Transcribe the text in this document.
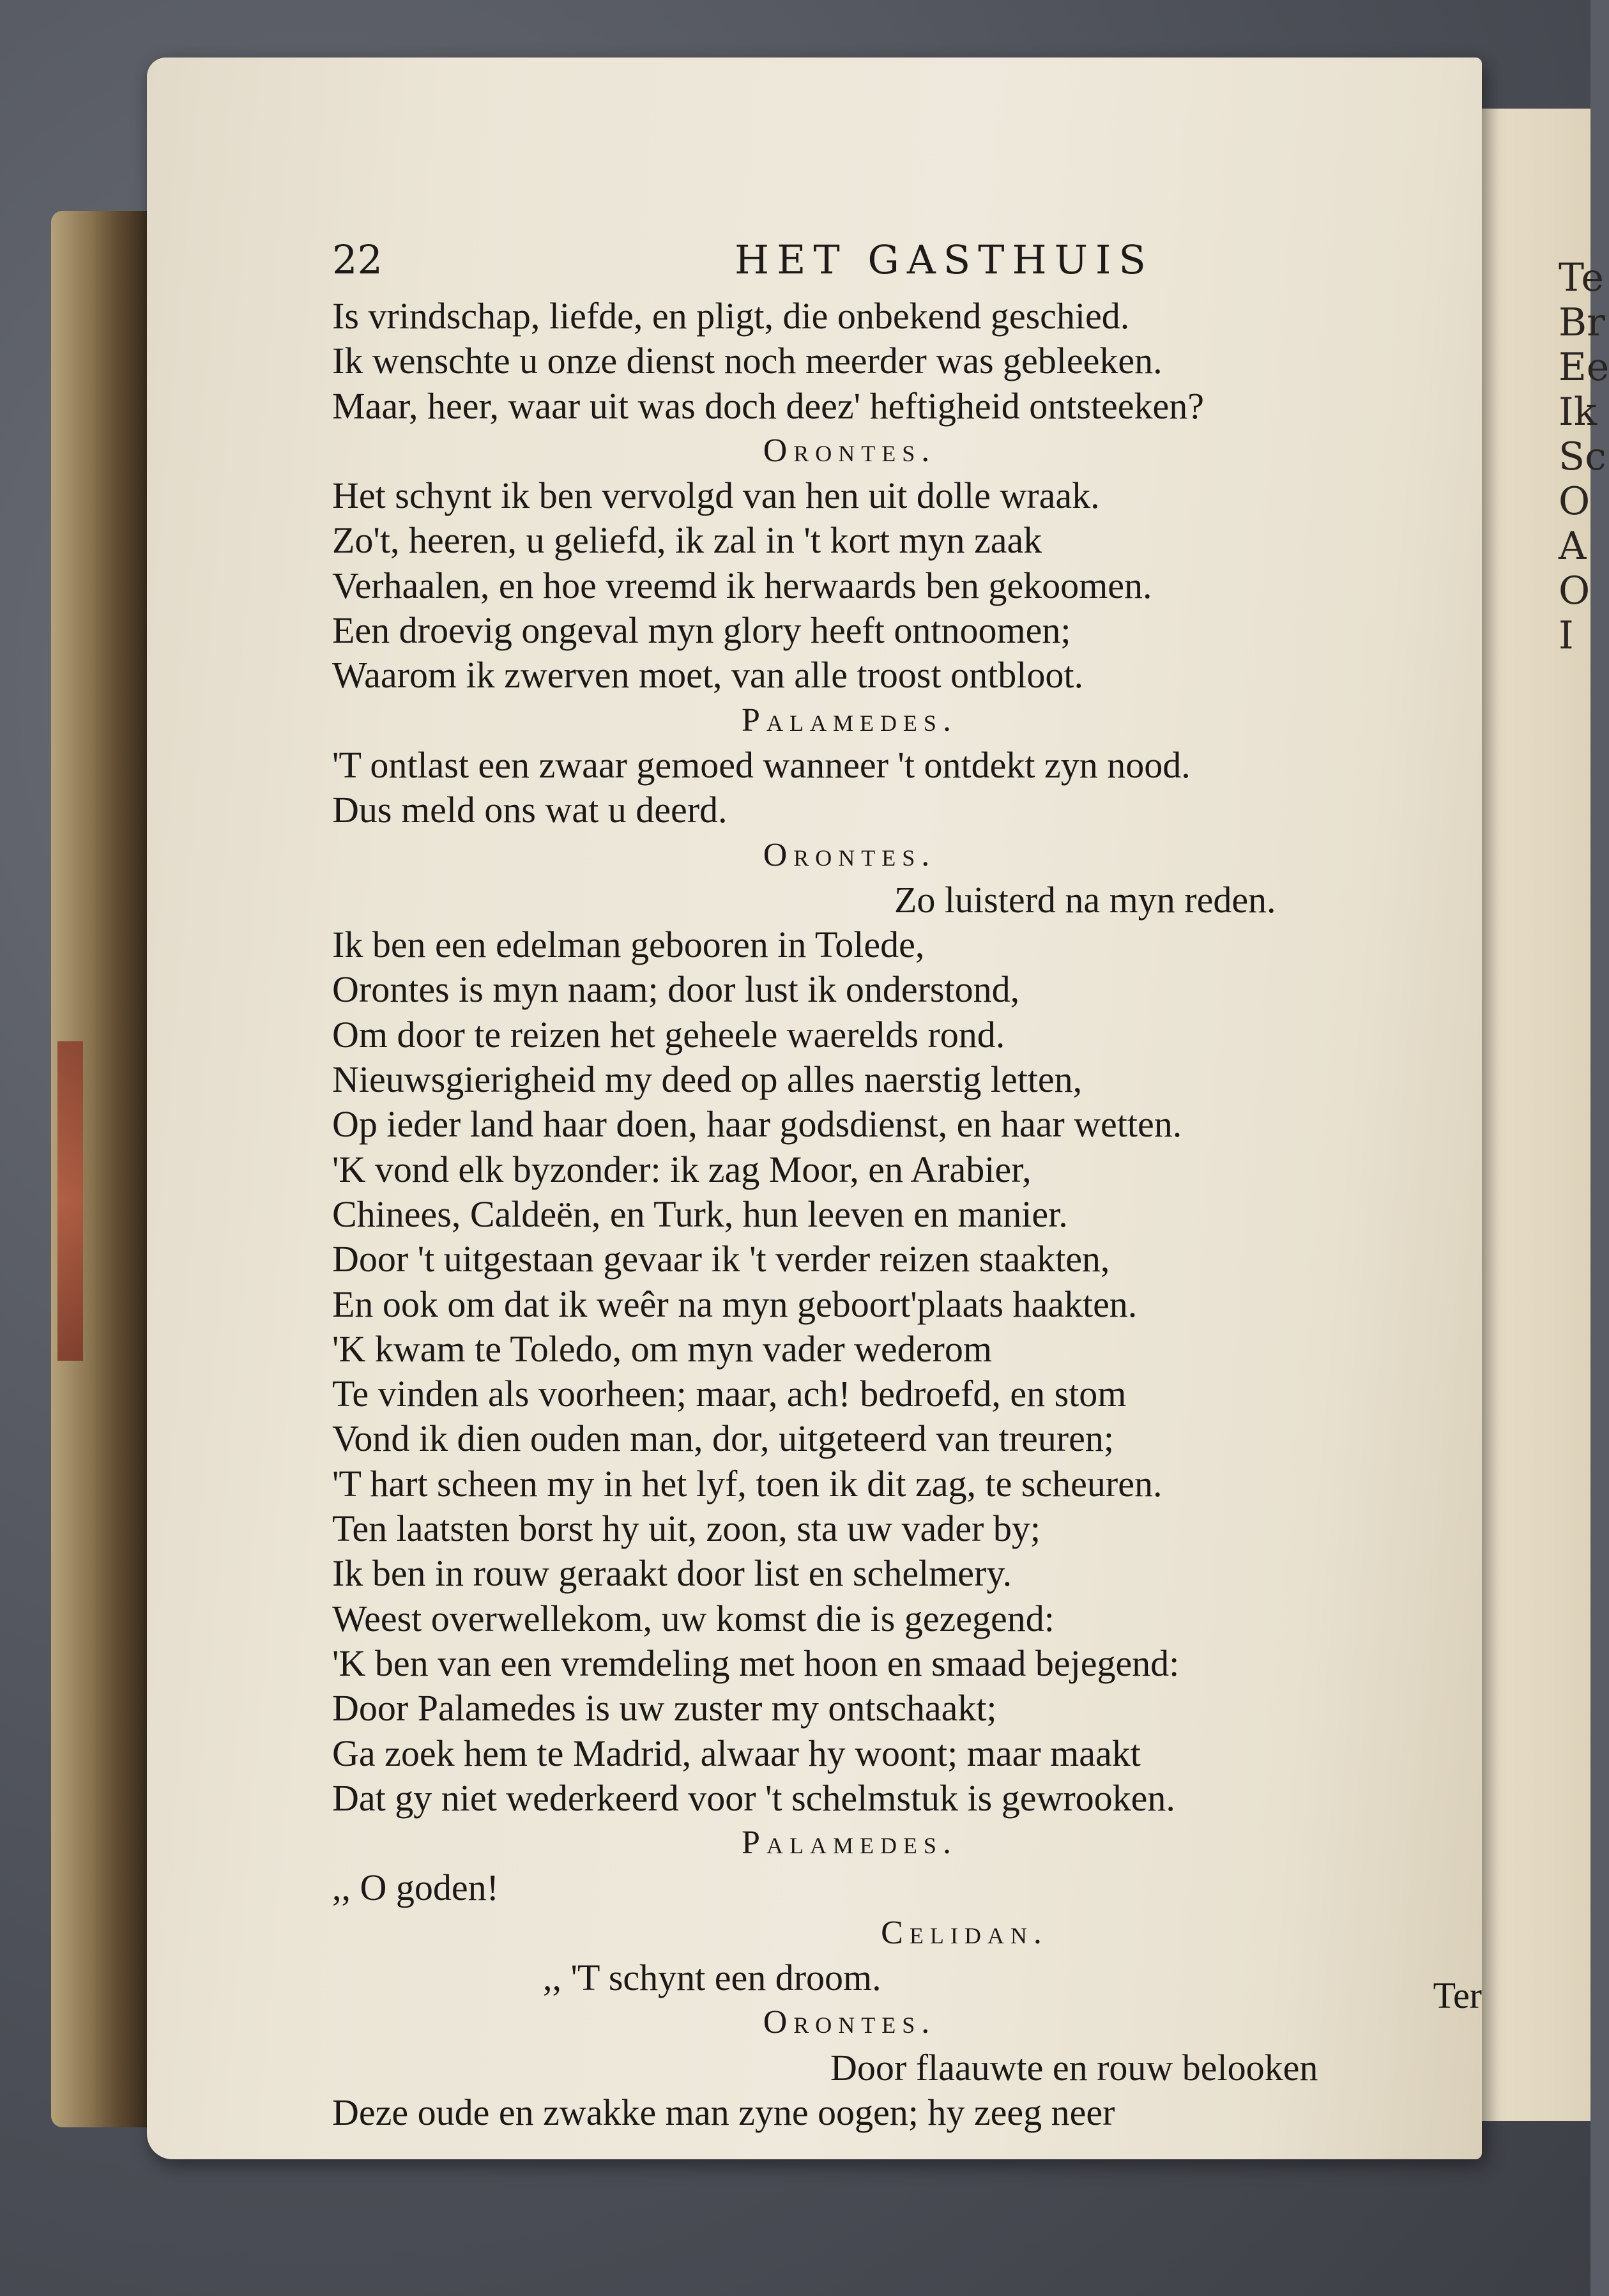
Te
Br
Ee
Ik
Sc
O
A
O
I
22	HET GASTHUIS
Is vrindschap, liefde, en pligt, die onbekend geschied.
Ik wenschte u onze dienst noch meerder was gebleeken.
Maar, heer, waar uit was doch deez' heftigheid ontsteeken?
Orontes.
Het schynt ik ben vervolgd van hen uit dolle wraak.
Zo't, heeren, u geliefd, ik zal in 't kort myn zaak
Verhaalen, en hoe vreemd ik herwaards ben gekoomen.
Een droevig ongeval myn glory heeft ontnoomen;
Waarom ik zwerven moet, van alle troost ontbloot.
Palamedes.
'T ontlast een zwaar gemoed wanneer 't ontdekt zyn nood.
Dus meld ons wat u deerd.
Orontes.
Zo luisterd na myn reden.
Ik ben een edelman gebooren in Tolede,
Orontes is myn naam; door lust ik onderstond,
Om door te reizen het geheele waerelds rond.
Nieuwsgierigheid my deed op alles naerstig letten,
Op ieder land haar doen, haar godsdienst, en haar wetten.
'K vond elk byzonder: ik zag Moor, en Arabier,
Chinees, Caldeën, en Turk, hun leeven en manier.
Door 't uitgestaan gevaar ik 't verder reizen staakten,
En ook om dat ik weêr na myn geboort'plaats haakten.
'K kwam te Toledo, om myn vader wederom
Te vinden als voorheen; maar, ach! bedroefd, en stom
Vond ik dien ouden man, dor, uitgeteerd van treuren;
'T hart scheen my in het lyf, toen ik dit zag, te scheuren.
Ten laatsten borst hy uit, zoon, sta uw vader by;
Ik ben in rouw geraakt door list en schelmery.
Weest overwellekom, uw komst die is gezegend:
'K ben van een vremdeling met hoon en smaad bejegend:
Door Palamedes is uw zuster my ontschaakt;
Ga zoek hem te Madrid, alwaar hy woont; maar maakt
Dat gy niet wederkeerd voor 't schelmstuk is gewrooken.
Palamedes.
,, O goden!
Celidan.
,, 'T schynt een droom.
Orontes.
Door flaauwte en rouw belooken
Deze oude en zwakke man zyne oogen; hy zeeg neer
Ter
